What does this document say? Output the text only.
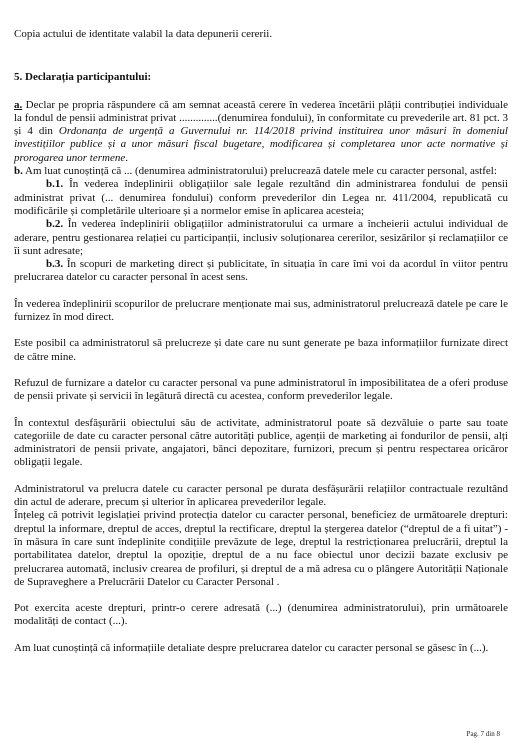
Copia actului de identitate valabil la data depunerii cererii.

5. Declarația participantului:

a. Declar pe propria răspundere că am semnat această cerere în vederea încetării plății contribuției individuale la fondul de pensii administrat privat ..............(denumirea fondului), în conformitate cu prevederile art. 81 pct. 3 și 4 din Ordonanța de urgență a Guvernului nr. 114/2018 privind instituirea unor măsuri în domeniul investițiilor publice și a unor măsuri fiscal bugetare, modificarea și completarea unor acte normative și prorogarea unor termene.

b. Am luat cunoștință că ... (denumirea administratorului) prelucrează datele mele cu caracter personal, astfel:

b.1. În vederea îndeplinirii obligațiilor sale legale rezultând din administrarea fondului de pensii administrat privat (... denumirea fondului) conform prevederilor din Legea nr. 411/2004, republicată cu modificările și completările ulterioare și a normelor emise în aplicarea acesteia;

b.2. În vederea îndeplinirii obligațiilor administratorului ca urmare a încheierii actului individual de aderare, pentru gestionarea relației cu participanții, inclusiv soluționarea cererilor, sesizărilor și reclamațiilor ce îi sunt adresate;

b.3. În scopuri de marketing direct și publicitate, în situația în care îmi voi da acordul în viitor pentru prelucrarea datelor cu caracter personal în acest sens.

În vederea îndeplinirii scopurilor de prelucrare menționate mai sus, administratorul prelucrează datele pe care le furnizez în mod direct.

Este posibil ca administratorul să prelucreze și date care nu sunt generate pe baza informațiilor furnizate direct de către mine.

Refuzul de furnizare a datelor cu caracter personal va pune administratorul în imposibilitatea de a oferi produse de pensii private și servicii în legătură directă cu acestea, conform prevederilor legale.

În contextul desfășurării obiectului său de activitate, administratorul poate să dezvăluie o parte sau toate categoriile de date cu caracter personal către autorități publice, agenții de marketing ai fondurilor de pensii, alți administratori de pensii private, angajatori, bănci depozitare, furnizori, precum și pentru respectarea oricăror obligații legale.

Administratorul va prelucra datele cu caracter personal pe durata desfășurării relațiilor contractuale rezultând din actul de aderare, precum și ulterior în aplicarea prevederilor legale.

Înțeleg că potrivit legislației privind protecția datelor cu caracter personal, beneficiez de următoarele drepturi: dreptul la informare, dreptul de acces, dreptul la rectificare, dreptul la ștergerea datelor (“dreptul de a fi uitat”) - în măsura în care sunt îndeplinite condițiile prevăzute de lege, dreptul la restricționarea prelucrării, dreptul la portabilitatea datelor, dreptul la opoziție, dreptul de a nu face obiectul unor decizii bazate exclusiv pe prelucrarea automată, inclusiv crearea de profiluri, și dreptul de a mă adresa cu o plângere Autorității Naționale de Supraveghere a Prelucrării Datelor cu Caracter Personal .

Pot exercita aceste drepturi, printr-o cerere adresată (...) (denumirea administratorului), prin următoarele modalități de contact (...).

Am luat cunoștință că informațiile detaliate despre prelucrarea datelor cu caracter personal se găsesc în (...).

Pag. 7 din 8
